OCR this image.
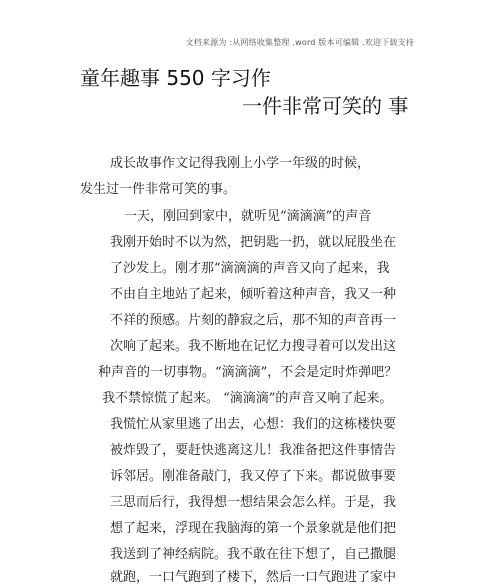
文档来源为 :从网络收集整理 .word 版本可编辑 .欢迎下载支持
童年趣事 550 字习作
一件非常可笑的 事
成长故事作文记得我刚上小学一年级的时候，
发生过一件非常可笑的事。
一天，刚回到家中，就听见“滴滴滴”的声音
我刚开始时不以为然，把钥匙一扔，就以屁股坐在
了沙发上。刚才那“滴滴滴的声音又向了起来，我
不由自主地站了起来，倾听着这种声音，我又一种
不祥的预感。片刻的静寂之后，那不知的声音再一
次响了起来。我不断地在记忆力搜寻着可以发出这
种声音的一切事物。“滴滴滴”，不会是定时炸弹吧？
我不禁惊慌了起来。 “滴滴滴”的声音又响了起来。
我慌忙从家里逃了出去，心想：我们的这栋楼快要
被炸毁了，要赶快逃离这儿！我准备把这件事情告
诉邻居。刚准备敲门，我又停了下来。都说做事要
三思而后行，我得想一想结果会怎么样。于是，我
想了起来，浮现在我脑海的第一个景象就是他们把
我送到了神经病院。我不敢在往下想了，自己撒腿
就跑，一口气跑到了楼下，然后一口气跑进了家中
